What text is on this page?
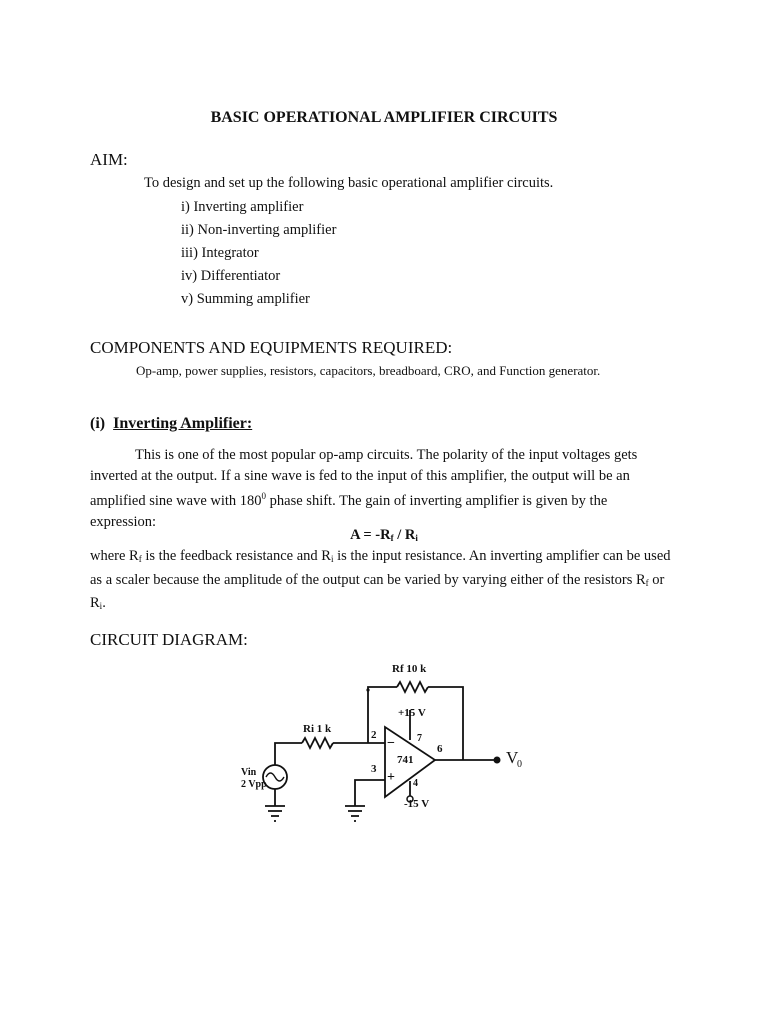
BASIC OPERATIONAL AMPLIFIER CIRCUITS
AIM:
To design and set up the following basic operational amplifier circuits.
i) Inverting amplifier
ii) Non-inverting amplifier
iii) Integrator
iv) Differentiator
v) Summing amplifier
COMPONENTS AND EQUIPMENTS REQUIRED:
Op-amp, power supplies, resistors, capacitors, breadboard, CRO, and Function generator.
(i) Inverting Amplifier:
This is one of the most popular op-amp circuits. The polarity of the input voltages gets inverted at the output. If a sine wave is fed to the input of this amplifier, the output will be an amplified sine wave with $180^0$ phase shift. The gain of inverting amplifier is given by the expression:
$A = -R_f / R_i$
where $R_f$ is the feedback resistance and $R_i$ is the input resistance. An inverting amplifier can be used as a scaler because the amplitude of the output can be varied by varying either of the resistors $R_f$ or $R_i$.
CIRCUIT DIAGRAM:
Rf 10 k
Ri 1 k
+15 V
-15 V
741
2
3
4
6
7
−
+
Vin
2 Vpp
V
0
